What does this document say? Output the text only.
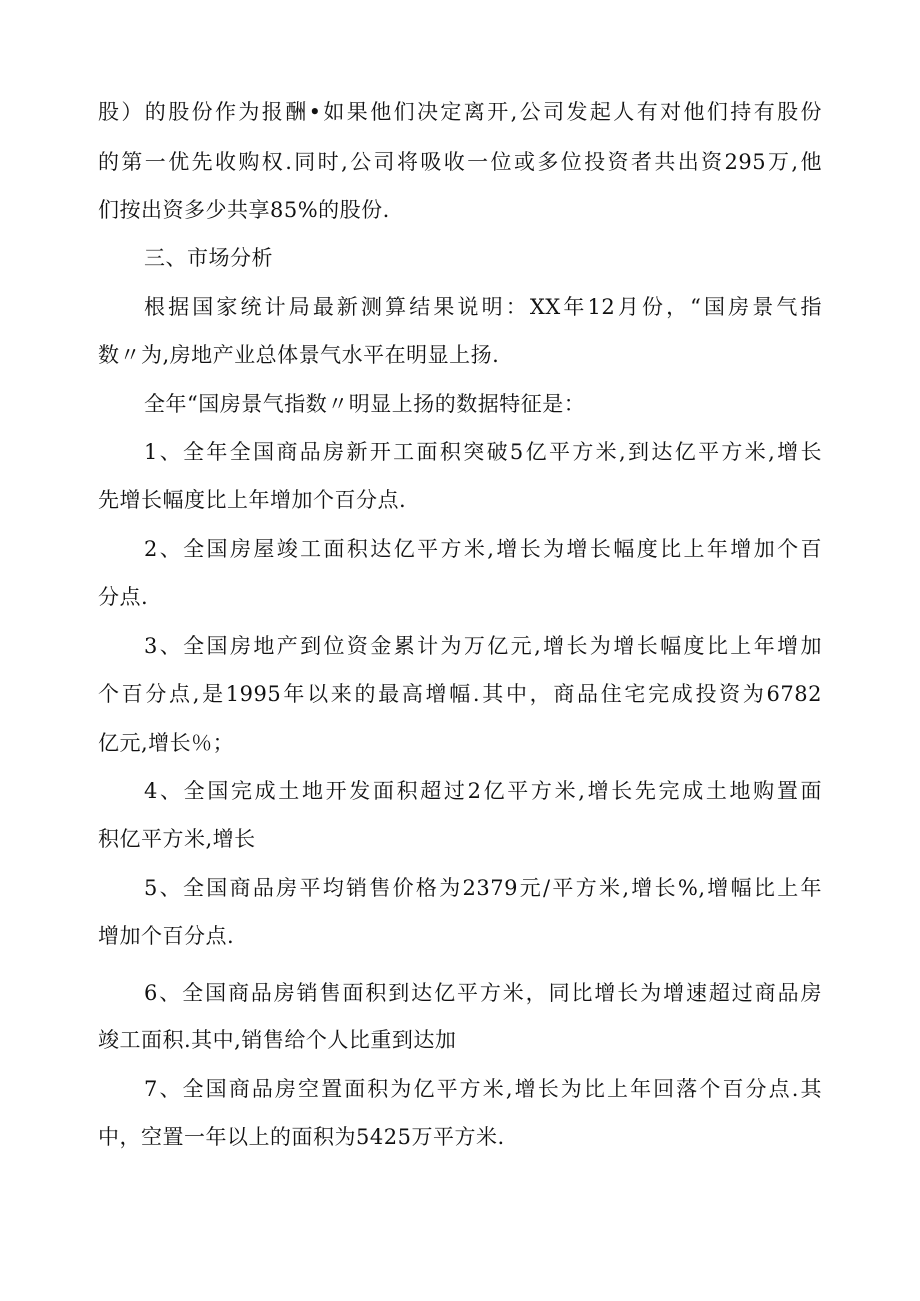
股）的股份作为报酬•如果他们决定离开,公司发起人有对他们持有股份
的第一优先收购权.同时,公司将吸收一位或多位投资者共出资295万,他
们按出资多少共享85%的股份.
三、市场分析
根据国家统计局最新测算结果说明：XX年12月份，“国房景气指
数〃为,房地产业总体景气水平在明显上扬.
全年“国房景气指数〃明显上扬的数据特征是：
1、全年全国商品房新开工面积突破5亿平方米,到达亿平方米,增长
先增长幅度比上年增加个百分点.
2、全国房屋竣工面积达亿平方米,增长为增长幅度比上年增加个百
分点.
3、全国房地产到位资金累计为万亿元,增长为增长幅度比上年增加
个百分点,是1995年以来的最高增幅.其中，商品住宅完成投资为6782
亿元,增长％；
4、全国完成土地开发面积超过2亿平方米,增长先完成土地购置面
积亿平方米,增长
5、全国商品房平均销售价格为2379元/平方米,增长%,增幅比上年
增加个百分点.
6、全国商品房销售面积到达亿平方米，同比增长为增速超过商品房
竣工面积.其中,销售给个人比重到达加
7、全国商品房空置面积为亿平方米,增长为比上年回落个百分点.其
中，空置一年以上的面积为5425万平方米.
